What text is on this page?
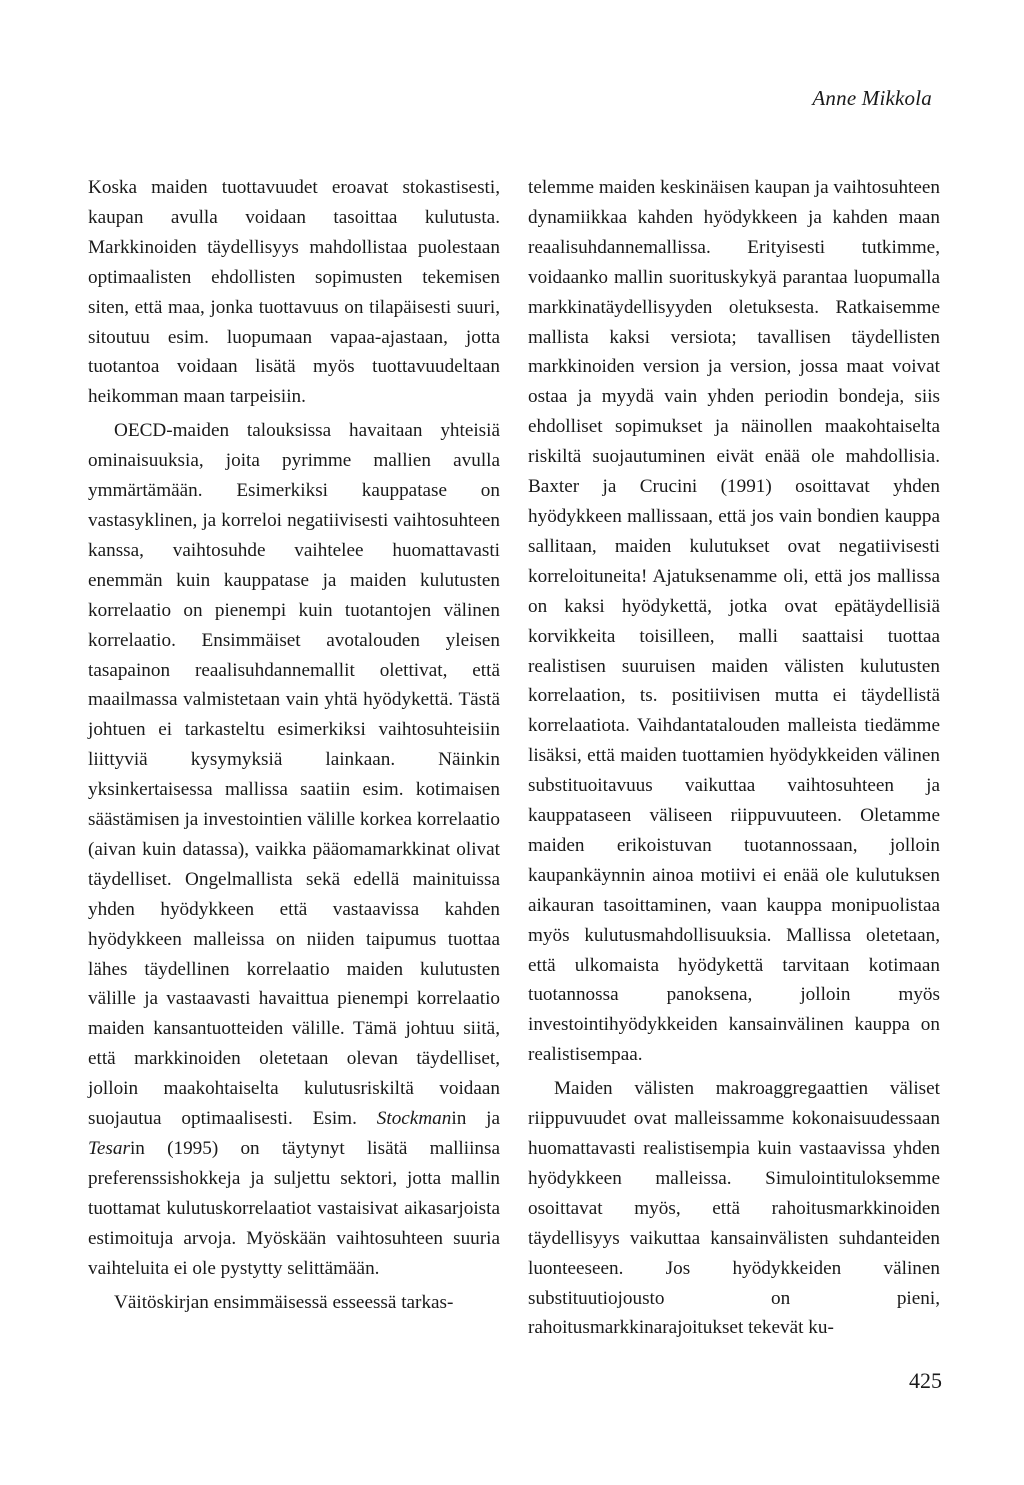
Anne Mikkola

Koska maiden tuottavuudet eroavat stokastisesti, kaupan avulla voidaan tasoittaa kulutusta. Markkinoiden täydellisyys mahdollistaa puolestaan optimaalisten ehdollisten sopimusten tekemisen siten, että maa, jonka tuottavuus on tilapäisesti suuri, sitoutuu esim. luopumaan vapaa-ajastaan, jotta tuotantoa voidaan lisätä myös tuottavuudeltaan heikomman maan tarpeisiin.

OECD-maiden talouksissa havaitaan yhteisiä ominaisuuksia, joita pyrimme mallien avulla ymmärtämään. Esimerkiksi kauppatase on vastasyklinen, ja korreloi negatiivisesti vaihtosuhteen kanssa, vaihtosuhde vaihtelee huomattavasti enemmän kuin kauppatase ja maiden kulutusten korrelaatio on pienempi kuin tuotantojen välinen korrelaatio. Ensimmäiset avotalouden yleisen tasapainon reaalisuhdannemallit olettivat, että maailmassa valmistetaan vain yhtä hyödykettä. Tästä johtuen ei tarkasteltu esimerkiksi vaihtosuhteisiin liittyviä kysymyksiä lainkaan. Näinkin yksinkertaisessa mallissa saatiin esim. kotimaisen säästämisen ja investointien välille korkea korrelaatio (aivan kuin datassa), vaikka pääomamarkkinat olivat täydelliset. Ongelmallista sekä edellä mainituissa yhden hyödykkeen että vastaavissa kahden hyödykkeen malleissa on niiden taipumus tuottaa lähes täydellinen korrelaatio maiden kulutusten välille ja vastaavasti havaittua pienempi korrelaatio maiden kansantuotteiden välille. Tämä johtuu siitä, että markkinoiden oletetaan olevan täydelliset, jolloin maakohtaiselta kulutusriskiltä voidaan suojautua optimaalisesti. Esim. Stockmanin ja Tesarin (1995) on täytynyt lisätä malliinsa preferenssishokkeja ja suljettu sektori, jotta mallin tuottamat kulutuskorrelaatiot vastaisivat aikasarjoista estimoituja arvoja. Myöskään vaihtosuhteen suuria vaihteluita ei ole pystytty selittämään.

Väitöskirjan ensimmäisessä esseessä tarkas-

telemme maiden keskinäisen kaupan ja vaihtosuhteen dynamiikkaa kahden hyödykkeen ja kahden maan reaalisuhdannemallissa. Erityisesti tutkimme, voidaanko mallin suorituskykyä parantaa luopumalla markkinatäydellisyyden oletuksesta. Ratkaisemme mallista kaksi versiota; tavallisen täydellisten markkinoiden version ja version, jossa maat voivat ostaa ja myydä vain yhden periodin bondeja, siis ehdolliset sopimukset ja näinollen maakohtaiselta riskiltä suojautuminen eivät enää ole mahdollisia. Baxter ja Crucini (1991) osoittavat yhden hyödykkeen mallissaan, että jos vain bondien kauppa sallitaan, maiden kulutukset ovat negatiivisesti korreloituneita! Ajatuksenamme oli, että jos mallissa on kaksi hyödykettä, jotka ovat epätäydellisiä korvikkeita toisilleen, malli saattaisi tuottaa realistisen suuruisen maiden välisten kulutusten korrelaation, ts. positiivisen mutta ei täydellistä korrelaatiota. Vaihdantatalouden malleista tiedämme lisäksi, että maiden tuottamien hyödykkeiden välinen substituoitavuus vaikuttaa vaihtosuhteen ja kauppataseen väliseen riippuvuuteen. Oletamme maiden erikoistuvan tuotannossaan, jolloin kaupankäynnin ainoa motiivi ei enää ole kulutuksen aikauran tasoittaminen, vaan kauppa monipuolistaa myös kulutusmahdollisuuksia. Mallissa oletetaan, että ulkomaista hyödykettä tarvitaan kotimaan tuotannossa panoksena, jolloin myös investointihyödykkeiden kansainvälinen kauppa on realistisempaa.

Maiden välisten makroaggregaattien väliset riippuvuudet ovat malleissamme kokonaisuudessaan huomattavasti realistisempia kuin vastaavissa yhden hyödykkeen malleissa. Simulointituloksemme osoittavat myös, että rahoitusmarkkinoiden täydellisyys vaikuttaa kansainvälisten suhdanteiden luonteeseen. Jos hyödykkeiden välinen substituutiojousto on pieni, rahoitusmarkkinarajoitukset tekevät ku-

425
